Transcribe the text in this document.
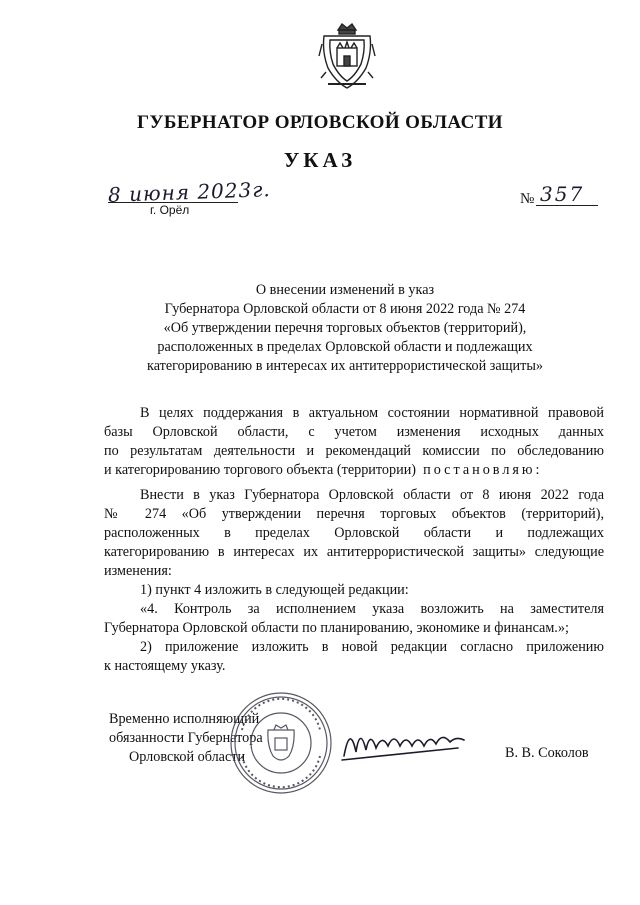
ГУБЕРНАТОР ОРЛОВСКОЙ ОБЛАСТИ
УКАЗ
8 июня 2023г.
г. Орёл
№ 357
О внесении изменений в указ
Губернатора Орловской области от 8 июня 2022 года № 274
«Об утверждении перечня торговых объектов (территорий),
расположенных в пределах Орловской области и подлежащих
категорированию в интересах их антитеррористической защиты»
В целях поддержания в актуальном состоянии нормативной правовой
базы Орловской области, с учетом изменения исходных данных
по результатам деятельности и рекомендаций комиссии по обследованию
и категорированию торгового объекта (территории) постановляю:
Внести в указ Губернатора Орловской области от 8 июня 2022 года
№ 274 «Об утверждении перечня торговых объектов (территорий),
расположенных в пределах Орловской области и подлежащих
категорированию в интересах их антитеррористической защиты» следующие
изменения:
1) пункт 4 изложить в следующей редакции:
«4. Контроль за исполнением указа возложить на заместителя
Губернатора Орловской области по планированию, экономике и финансам.»;
2) приложение изложить в новой редакции согласно приложению
к настоящему указу.
Временно исполняющий
обязанности Губернатора
Орловской области	В. В. Соколов
